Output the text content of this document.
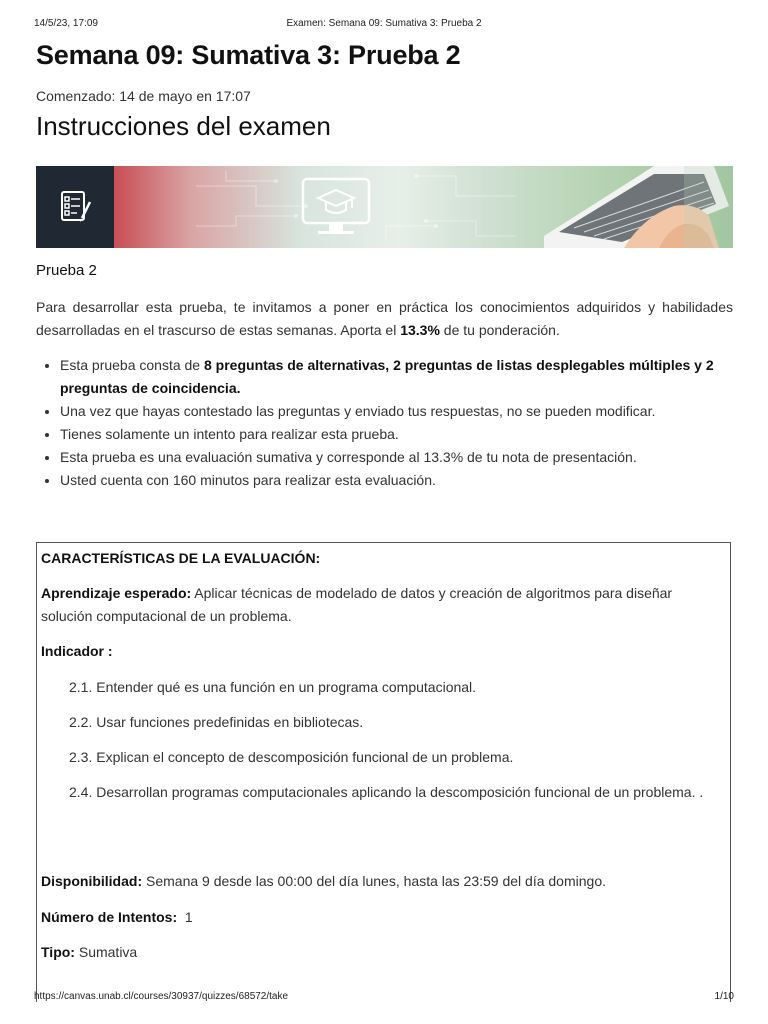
14/5/23, 17:09	Examen: Semana 09: Sumativa 3: Prueba 2
Semana 09: Sumativa 3: Prueba 2
Comenzado: 14 de mayo en 17:07
Instrucciones del examen
Prueba 2

Para desarrollar esta prueba, te invitamos a poner en práctica los conocimientos adquiridos y habilidades desarrolladas en el trascurso de estas semanas. Aporta el 13.3% de tu ponderación.

• Esta prueba consta de 8 preguntas de alternativas, 2 preguntas de listas desplegables múltiples y 2 preguntas de coincidencia.
• Una vez que hayas contestado las preguntas y enviado tus respuestas, no se pueden modificar.
• Tienes solamente un intento para realizar esta prueba.
• Esta prueba es una evaluación sumativa y corresponde al 13.3% de tu nota de presentación.
• Usted cuenta con 160 minutos para realizar esta evaluación.
CARACTERÍSTICAS DE LA EVALUACIÓN:
Aprendizaje esperado: Aplicar técnicas de modelado de datos y creación de algoritmos para diseñar solución computacional de un problema.
Indicador :
2.1. Entender qué es una función en un programa computacional.
2.2. Usar funciones predefinidas en bibliotecas.
2.3. Explican el concepto de descomposición funcional de un problema.
2.4. Desarrollan programas computacionales aplicando la descomposición funcional de un problema. .
Disponibilidad: Semana 9 desde las 00:00 del día lunes, hasta las 23:59 del día domingo.
Número de Intentos:  1
Tipo: Sumativa
https://canvas.unab.cl/courses/30937/quizzes/68572/take	1/10
